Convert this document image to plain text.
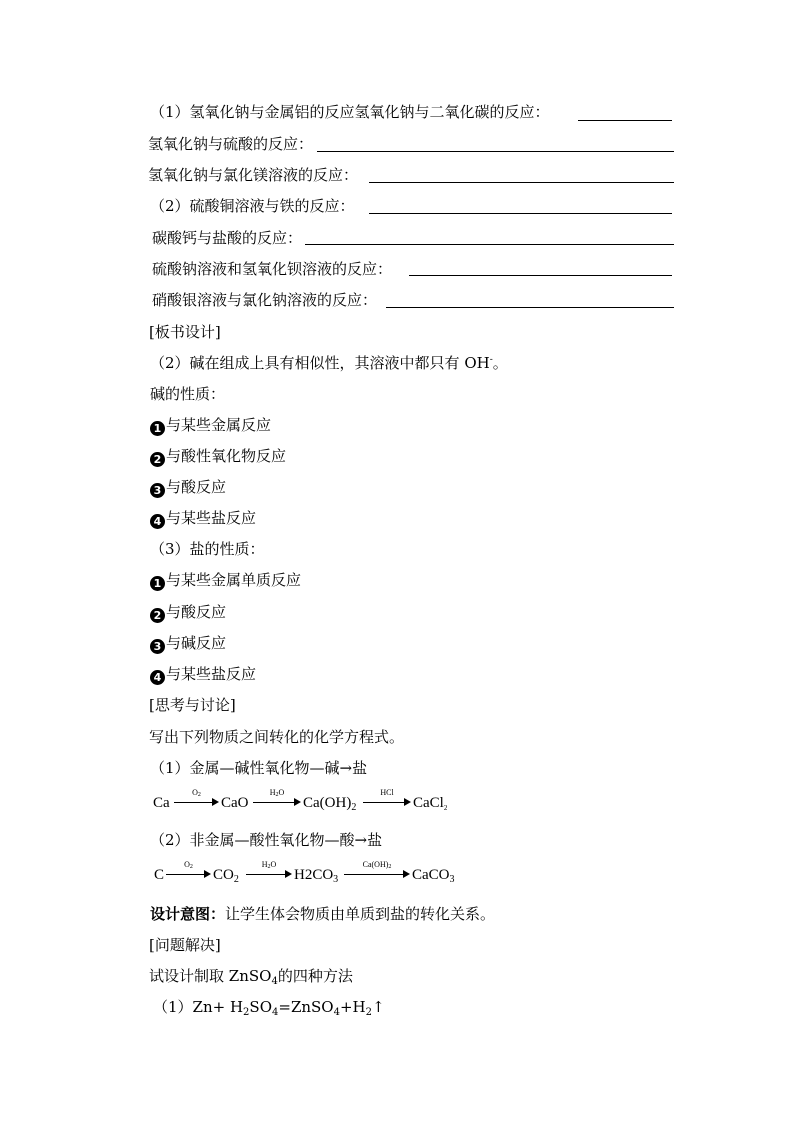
（1）氢氧化钠与金属铝的反应氢氧化钠与二氧化碳的反应：
氢氧化钠与硫酸的反应：
氢氧化钠与氯化镁溶液的反应：
（2）硫酸铜溶液与铁的反应：
碳酸钙与盐酸的反应：
硫酸钠溶液和氢氧化钡溶液的反应：
硝酸银溶液与氯化钠溶液的反应：
[板书设计]
（2）碱在组成上具有相似性，其溶液中都只有 OH-。
碱的性质：
1 与某些金属反应
2 与酸性氧化物反应
3 与酸反应
4 与某些盐反应
（3）盐的性质：
1 与某些金属单质反应
2 与酸反应
3 与碱反应
4 与某些盐反应
[思考与讨论]
写出下列物质之间转化的化学方程式。
（1）金属—碱性氧化物—碱→盐
Ca
$O_2$	CaO
$H_2O$
$Ca(OH)_2$
HCl
CaCl$_2$
（2）非金属—酸性氧化物—酸→盐
C
$O_2$	$CO_2$
$H_2O$
$H2CO_3$
$Ca(OH)_2$	CaCO$_3$
设计意图：让学生体会物质由单质到盐的转化关系。
[问题解决]
试设计制取 ZnSO$_4$的四种方法
$(1)Zn+ H_2SO_4=ZnSO_4+H_2↑$
